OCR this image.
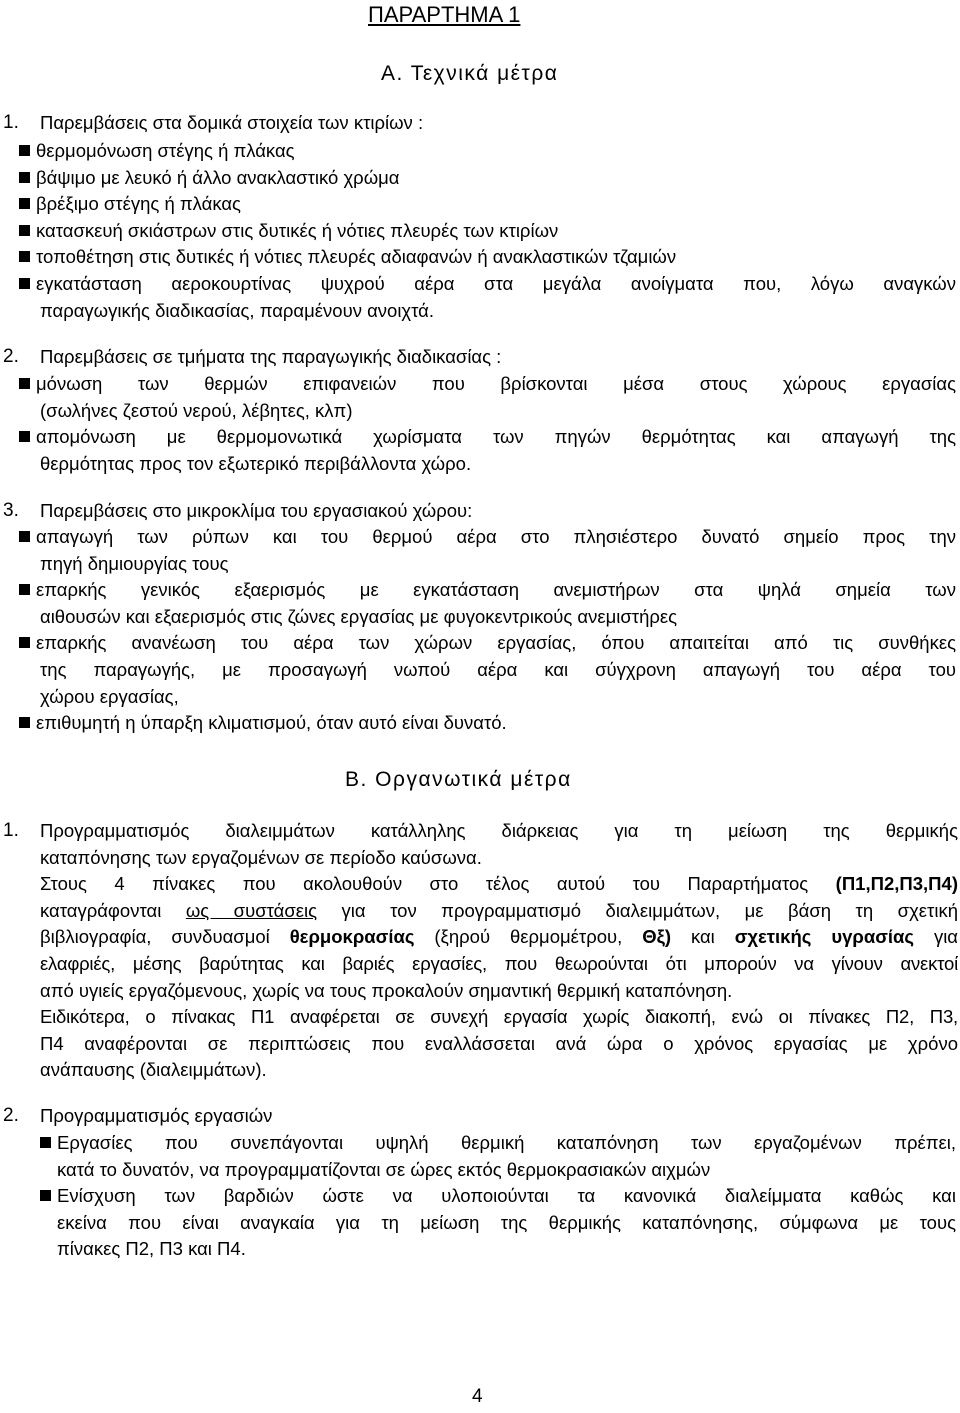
ΠΑΡΑΡΤΗΜΑ 1
Α. Τεχνικά μέτρα
1. Παρεμβάσεις στα δομικά στοιχεία των κτιρίων :
θερμομόνωση στέγης ή πλάκας
βάψιμο με λευκό ή άλλο ανακλαστικό χρώμα
βρέξιμο στέγης ή πλάκας
κατασκευή σκιάστρων στις δυτικές ή νότιες πλευρές των κτιρίων
τοποθέτηση στις δυτικές ή νότιες πλευρές αδιαφανών ή ανακλαστικών τζαμιών
εγκατάσταση αεροκουρτίνας ψυχρού αέρα στα μεγάλα ανοίγματα που, λόγω αναγκών
παραγωγικής διαδικασίας, παραμένουν ανοιχτά.
2. Παρεμβάσεις σε τμήματα της παραγωγικής διαδικασίας :
μόνωση των θερμών επιφανειών που βρίσκονται μέσα στους χώρους εργασίας
(σωλήνες ζεστού νερού, λέβητες, κλπ)
απομόνωση με θερμομονωτικά χωρίσματα των πηγών θερμότητας και απαγωγή της
θερμότητας προς τον εξωτερικό περιβάλλοντα χώρο.
3. Παρεμβάσεις στο μικροκλίμα του εργασιακού χώρου:
απαγωγή των ρύπων και του θερμού αέρα στο πλησιέστερο δυνατό σημείο προς την
πηγή δημιουργίας τους
επαρκής γενικός εξαερισμός με εγκατάσταση ανεμιστήρων στα ψηλά σημεία των
αιθουσών και εξαερισμός στις ζώνες εργασίας με φυγοκεντρικούς ανεμιστήρες
επαρκής ανανέωση του αέρα των χώρων εργασίας, όπου απαιτείται από τις συνθήκες
της παραγωγής, με προσαγωγή νωπού αέρα και σύγχρονη απαγωγή του αέρα του
χώρου εργασίας,
επιθυμητή η ύπαρξη κλιματισμού, όταν αυτό είναι δυνατό.
Β. Οργανωτικά μέτρα
1. Προγραμματισμός διαλειμμάτων κατάλληλης διάρκειας για τη μείωση της θερμικής
καταπόνησης των εργαζομένων σε περίοδο καύσωνα.
Στους 4 πίνακες που ακολουθούν στο τέλος αυτού του Παραρτήματος (Π1,Π2,Π3,Π4)
καταγράφονται ως συστάσεις για τον προγραμματισμό διαλειμμάτων, με βάση τη σχετική
βιβλιογραφία, συνδυασμοί θερμοκρασίας (ξηρού θερμομέτρου, Θξ) και σχετικής υγρασίας για
ελαφριές, μέσης βαρύτητας και βαριές εργασίες, που θεωρούνται ότι μπορούν να γίνουν ανεκτοί
από υγιείς εργαζόμενους, χωρίς να τους προκαλούν σημαντική θερμική καταπόνηση.
Ειδικότερα, ο πίνακας Π1 αναφέρεται σε συνεχή εργασία χωρίς διακοπή, ενώ οι πίνακες Π2, Π3,
Π4 αναφέρονται σε περιπτώσεις που εναλλάσσεται ανά ώρα ο χρόνος εργασίας με χρόνο
ανάπαυσης (διαλειμμάτων).
2. Προγραμματισμός εργασιών
Εργασίες που συνεπάγονται υψηλή θερμική καταπόνηση των εργαζομένων πρέπει,
κατά το δυνατόν, να προγραμματίζονται σε ώρες εκτός θερμοκρασιακών αιχμών
Ενίσχυση των βαρδιών ώστε να υλοποιούνται τα κανονικά διαλείμματα καθώς και
εκείνα που είναι αναγκαία για τη μείωση της θερμικής καταπόνησης, σύμφωνα με τους
πίνακες Π2, Π3 και Π4.
4
